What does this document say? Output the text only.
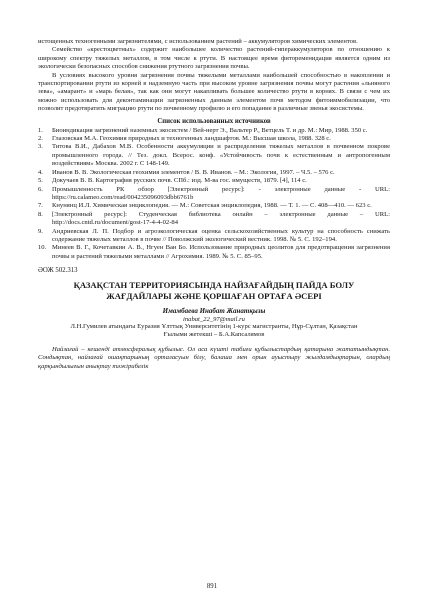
истощенных техногенными загрязнителями, с использованием растений – аккумуляторов химических элементов.

Семейство «крестоцветных» содержит наибольшее количество растений-гипераккумуляторов по отношению к широкому спектру тяжелых металлов, в том числе к ртути. В настоящее время фитоременидация является одним из экологически безопасных способов снижения ртутного загрязнения почвы.

В условиях высокого уровня загрязнения почвы тяжелыми металлами наибольшей способностью в накоплении и транспортировании ртути из корней в надземную часть при высоком уровне загрязнения почвы могут растения «льняного зева», «амарант» и «марь белая», так как они могут накапливать большее количество ртути в корнях. В связи с чем их можно использовать для деконтаминации загрязненных данным элементом почв методом фитоиммобилизации, что позволит предотвратить миграцию ртути по почвенному профилю и его попадание в различные звенья экосистемы.

Список использованных источников
1.	Биоиндикация загрязнений наземных экосистем / Вей-нерт Э., Вальтер Р., Ветцель Т. и др. М.: Мир, 1988. 350 с.
2.	Глазовская М.А. Геохимия природных и техногенных ландшафтов. М.: Высшая школа, 1988. 328 с.
3.	Титова В.И., Дабахов М.В. Особенности аккумуляции и распределения тяжелых металлов в почвенном покрове промышленного города. // Тез. докл. Всерос. конф. «Устойчивость почв к естественным и антропогенным воздействиям» Москва. 2002 г. С 148-149.
4.	Иванов В. В. Экологическая геохимия элементов / В. В. Иванов. – М.: Экология, 1997. – Ч.5. – 576 с.
5.	Докучаев В. В. Картография русских почв. СПб.: изд. М-ва гос. имуществ, 1879. [4], 114 с.
6.	Промышленность РК обзор [Электронный ресурс]: - электронные данные - URL: https://ru.calameo.com/read/004235096093dbb6761b
7.	Кнунянц И.Л. Химическая энциклопедия. — М.: Советская энциклопедия, 1988. — Т. 1. — С. 408—410. — 623 с.
8.	[Электронный ресурс]: Студенческая библиотека онлайн – электронные данные – URL: http://docs.cntd.ru/document/gost-17-4-4-02-84
9.	Андриевская Л. П. Подбор и агроэкологическая оценка сельскохозяйственных культур на способность снижать содержание тяжелых металлов в почве // Поволжский экологический вестник. 1998. № 5. С. 192–194.
10. Минеев В. Г., Кочетавкин А. В., Нгуен Ван Бо. Использование природных цеолитов для предотвращения загрязнения почвы и растений тяжелыми металлами // Агрохимия. 1989. № 5. С. 85–95.
ӘОЖ 502.313
ҚАЗАҚСТАН ТЕРРИТОРИЯСЫНДА НАЙЗАҒАЙДЫҢ ПАЙДА БОЛУ ЖАҒДАЙЛАРЫ ЖӘНЕ ҚОРШАҒАН ОРТАҒА ӘСЕРІ
Имамбаева Инабат Жанатқызы
inabat_22_97@mail.ru
Л.Н.Гумилев атындағы Еуразия Ұлттық Университетінің 1-курс магистранты, Нұр-Сұлтан, Қазақстан
Ғылыми жетекші – Б.А.Капсалямов

Найзағай – кешенді атмосфералық құбылыс. Ол аса күшті табиғи құбылыстардың қатарына жататындықтан. Сондықтан, найзағай ошақтарының орталасуын білу, балаша мен орын ауыстыру жылдамдықтарын, олардың қарқындылығын анықтау тәжірибелік

891
